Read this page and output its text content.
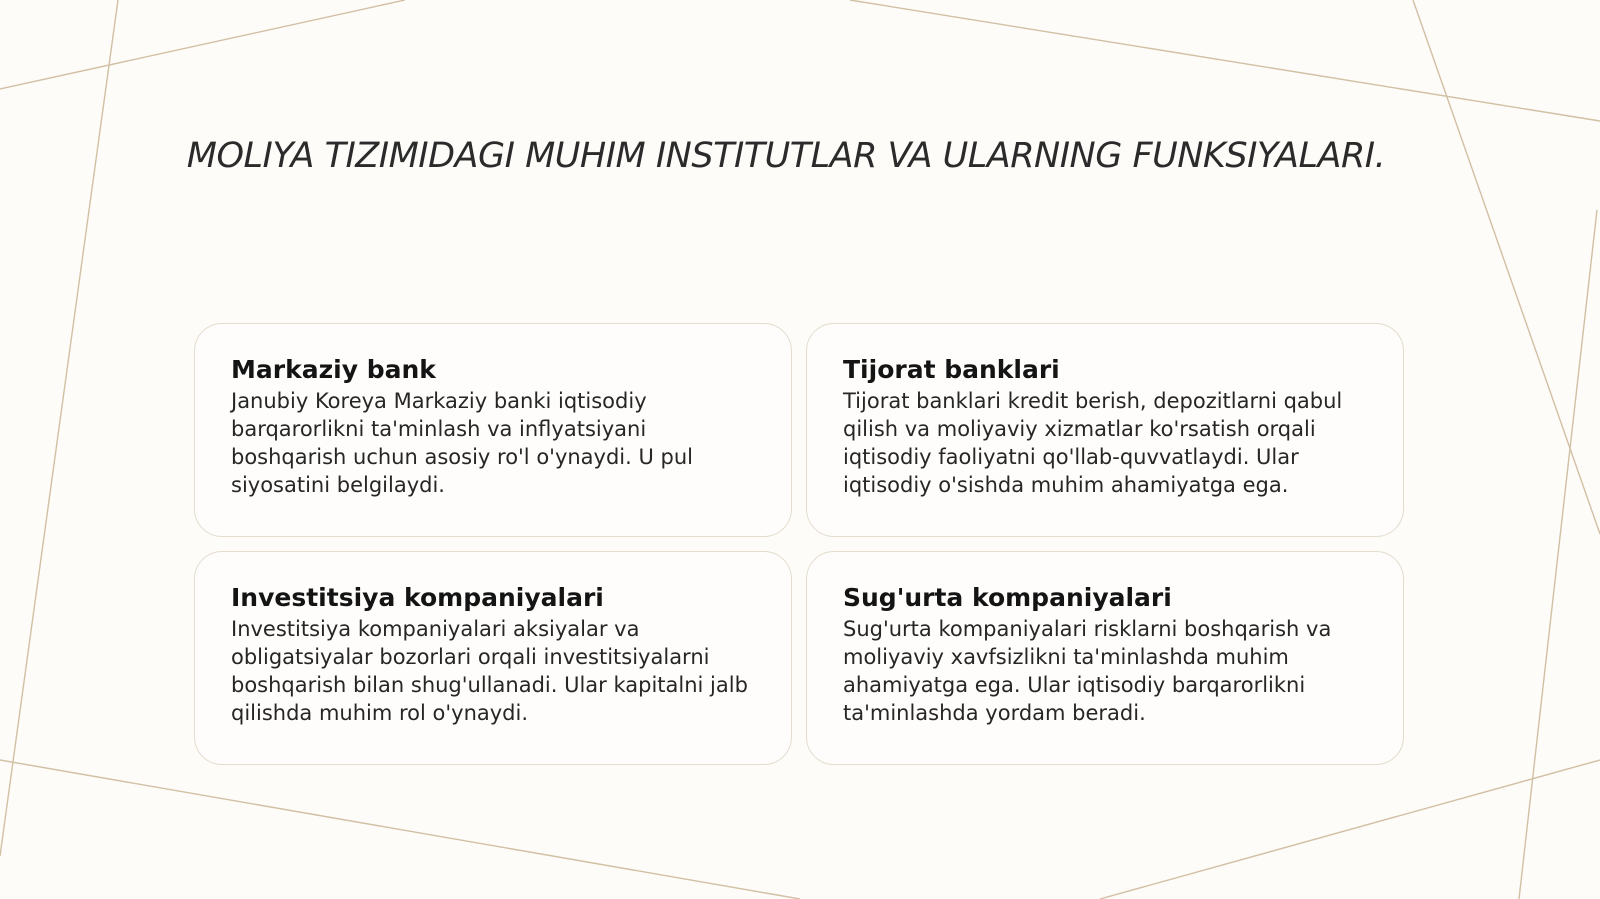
MOLIYA TIZIMIDAGI MUHIM INSTITUTLAR VA ULARNING FUNKSIYALARI.
Markaziy bank

Janubiy Koreya Markaziy banki iqtisodiy barqarorlikni ta'minlash va inflyatsiyani boshqarish uchun asosiy ro'l o'ynaydi. U pul siyosatini belgilaydi.

Tijorat banklari

Tijorat banklari kredit berish, depozitlarni qabul qilish va moliyaviy xizmatlar ko'rsatish orqali iqtisodiy faoliyatni qo'llab-quvvatlaydi. Ular iqtisodiy o'sishda muhim ahamiyatga ega.

Investitsiya kompaniyalari

Investitsiya kompaniyalari aksiyalar va obligatsiyalar bozorlari orqali investitsiyalarni boshqarish bilan shug'ullanadi. Ular kapitalni jalb qilishda muhim rol o'ynaydi.

Sug'urta kompaniyalari

Sug'urta kompaniyalari risklarni boshqarish va moliyaviy xavfsizlikni ta'minlashda muhim ahamiyatga ega. Ular iqtisodiy barqarorlikni ta'minlashda yordam beradi.
